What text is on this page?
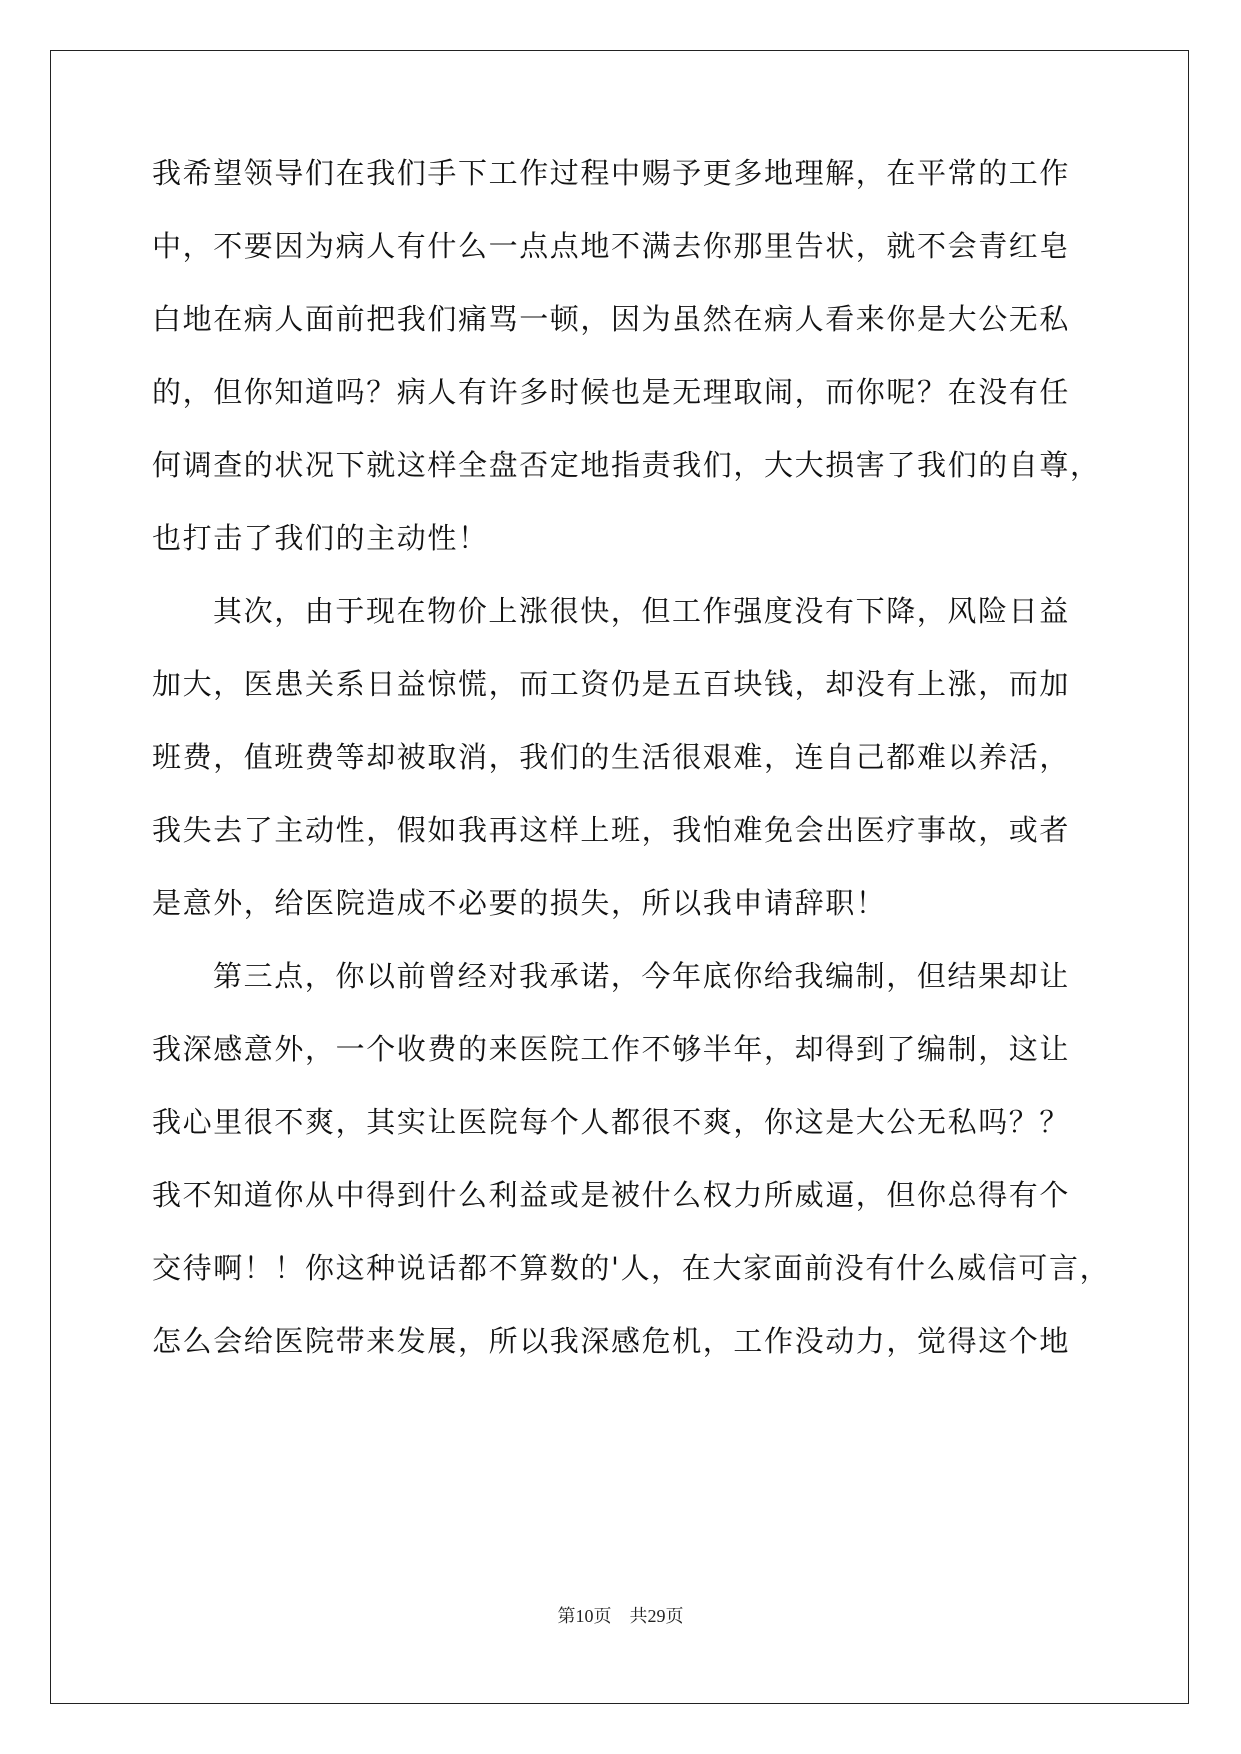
我希望领导们在我们手下工作过程中赐予更多地理解，在平常的工作
中，不要因为病人有什么一点点地不满去你那里告状，就不会青红皂
白地在病人面前把我们痛骂一顿，因为虽然在病人看来你是大公无私
的，但你知道吗？病人有许多时候也是无理取闹，而你呢？在没有任
何调查的状况下就这样全盘否定地指责我们，大大损害了我们的自尊，
也打击了我们的主动性！
其次，由于现在物价上涨很快，但工作强度没有下降，风险日益
加大，医患关系日益惊慌，而工资仍是五百块钱，却没有上涨，而加
班费，值班费等却被取消，我们的生活很艰难，连自己都难以养活，
我失去了主动性，假如我再这样上班，我怕难免会出医疗事故，或者
是意外，给医院造成不必要的损失，所以我申请辞职！
第三点，你以前曾经对我承诺，今年底你给我编制，但结果却让
我深感意外，一个收费的来医院工作不够半年，却得到了编制，这让
我心里很不爽，其实让医院每个人都很不爽，你这是大公无私吗？？
我不知道你从中得到什么利益或是被什么权力所威逼，但你总得有个
交待啊！！你这种说话都不算数的'人，在大家面前没有什么威信可言，
怎么会给医院带来发展，所以我深感危机，工作没动力，觉得这个地
第10页　共29页
